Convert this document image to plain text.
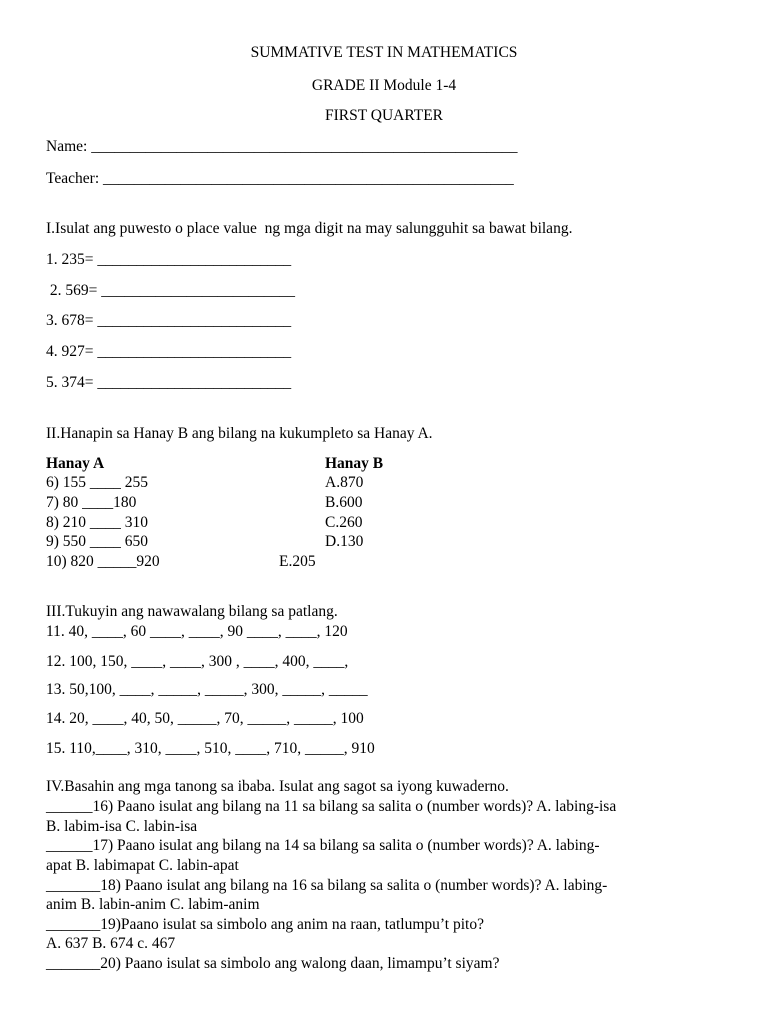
SUMMATIVE TEST IN MATHEMATICS
GRADE II Module 1-4
FIRST QUARTER
Name: _______________________________________________________
Teacher: _____________________________________________________
I.Isulat ang puwesto o place value  ng mga digit na may salungguhit sa bawat bilang.
1. 235= _________________________
2. 569= _________________________
3. 678= _________________________
4. 927= _________________________
5. 374= _________________________
II.Hanapin sa Hanay B ang bilang na kukumpleto sa Hanay A.
Hanay A	Hanay B
6) 155 ____ 255
7) 80 ____180
8) 210 ____ 310
9) 550 ____ 650
10) 820 _____920
A.870
B.600
C.260
D.130
E.205
III.Tukuyin ang nawawalang bilang sa patlang.
11. 40, ____, 60 ____, ____, 90 ____, ____, 120
12. 100, 150, ____, ____, 300 , ____, 400, ____,
13. 50,100, ____, _____, _____, 300, _____, _____
14. 20, ____, 40, 50, _____, 70, _____, _____, 100
15. 110,____, 310, ____, 510, ____, 710, _____, 910
IV.Basahin ang mga tanong sa ibaba. Isulat ang sagot sa iyong kuwaderno.
______16) Paano isulat ang bilang na 11 sa bilang sa salita o (number words)? A. labing-isa
B. labim-isa C. labin-isa
______17) Paano isulat ang bilang na 14 sa bilang sa salita o (number words)? A. labing-
apat B. labimapat C. labin-apat
_______18) Paano isulat ang bilang na 16 sa bilang sa salita o (number words)? A. labing-
anim B. labin-anim C. labim-anim
_______19)Paano isulat sa simbolo ang anim na raan, tatlumpu’t pito?
A. 637 B. 674 c. 467
_______20) Paano isulat sa simbolo ang walong daan, limampu’t siyam?
